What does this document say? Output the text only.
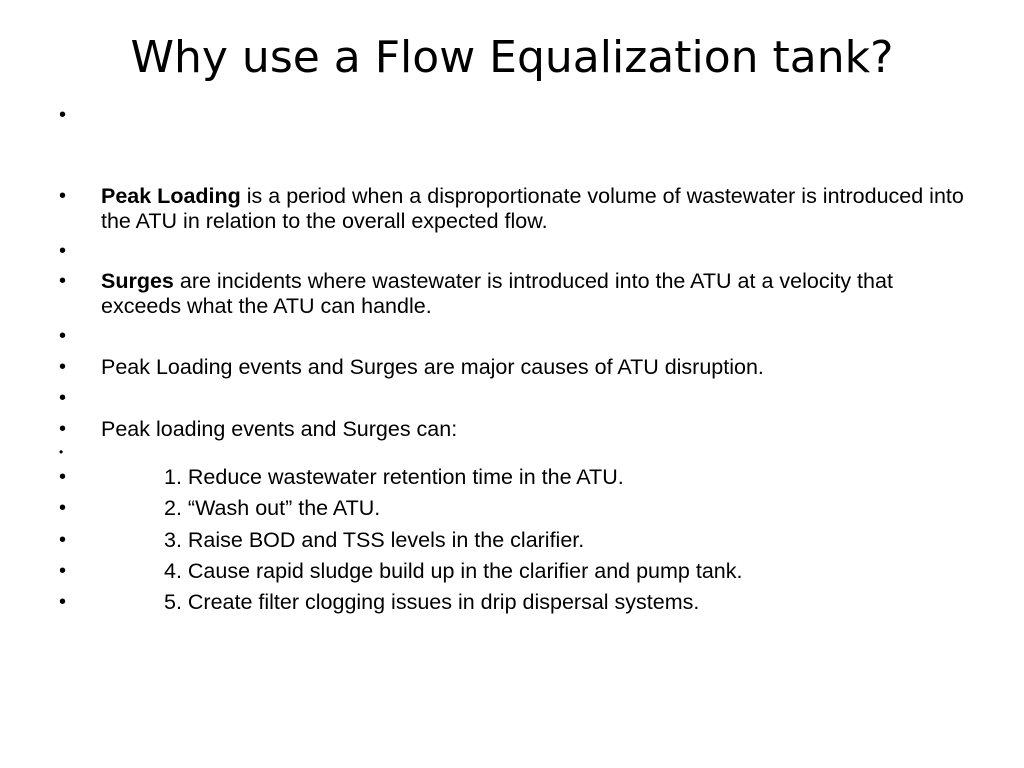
Why use a Flow Equalization tank?
•
• Peak Loading is a period when a disproportionate volume of wastewater is introduced into the ATU in relation to the overall expected flow.
•
• Surges are incidents where wastewater is introduced into the ATU at a velocity that exceeds what the ATU can handle.
•
• Peak Loading events and Surges are major causes of ATU disruption.
•
• Peak loading events and Surges can:
•
•	1. Reduce wastewater retention time in the ATU.
•	2. “Wash out” the ATU.
•	3. Raise BOD and TSS levels in the clarifier.
•	4. Cause rapid sludge build up in the clarifier and pump tank.
•	5. Create filter clogging issues in drip dispersal systems.
